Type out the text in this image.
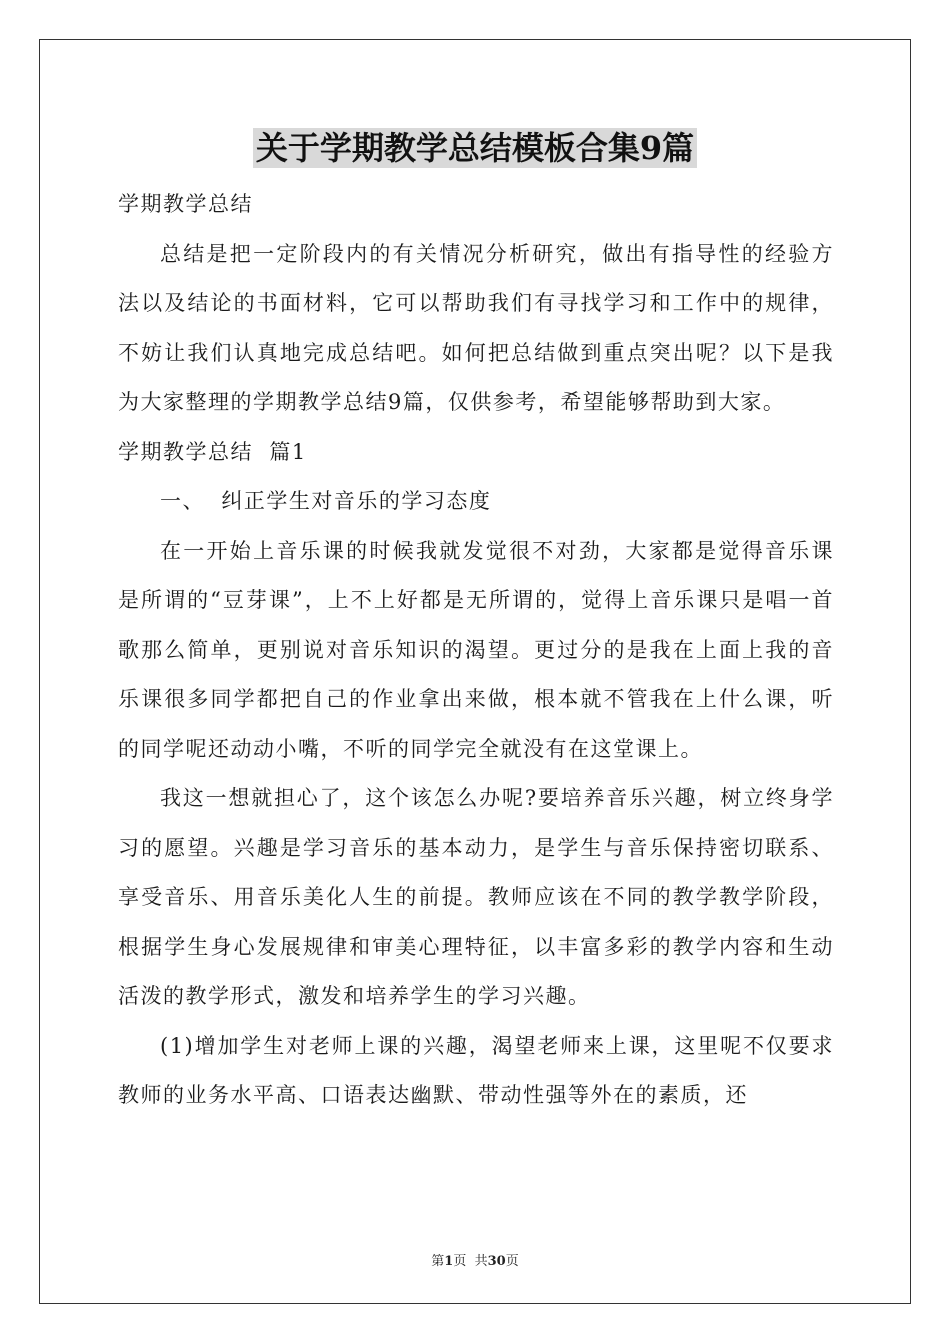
关于学期教学总结模板合集9篇
学期教学总结

总结是把一定阶段内的有关情况分析研究，做出有指导性的经验方法以及结论的书面材料，它可以帮助我们有寻找学习和工作中的规律，不妨让我们认真地完成总结吧。如何把总结做到重点突出呢？以下是我为大家整理的学期教学总结9篇，仅供参考，希望能够帮助到大家。

学期教学总结  篇1
一、  纠正学生对音乐的学习态度

在一开始上音乐课的时候我就发觉很不对劲，大家都是觉得音乐课是所谓的“豆芽课”，上不上好都是无所谓的，觉得上音乐课只是唱一首歌那么简单，更别说对音乐知识的渴望。更过分的是我在上面上我的音乐课很多同学都把自己的作业拿出来做，根本就不管我在上什么课，听的同学呢还动动小嘴，不听的同学完全就没有在这堂课上。

我这一想就担心了，这个该怎么办呢?要培养音乐兴趣，树立终身学习的愿望。兴趣是学习音乐的基本动力，是学生与音乐保持密切联系、享受音乐、用音乐美化人生的前提。教师应该在不同的教学教学阶段，根据学生身心发展规律和审美心理特征，以丰富多彩的教学内容和生动活泼的教学形式，激发和培养学生的学习兴趣。

(1)增加学生对老师上课的兴趣，渴望老师来上课，这里呢不仅要求教师的业务水平高、口语表达幽默、带动性强等外在的素质，还

第1页  共30页
